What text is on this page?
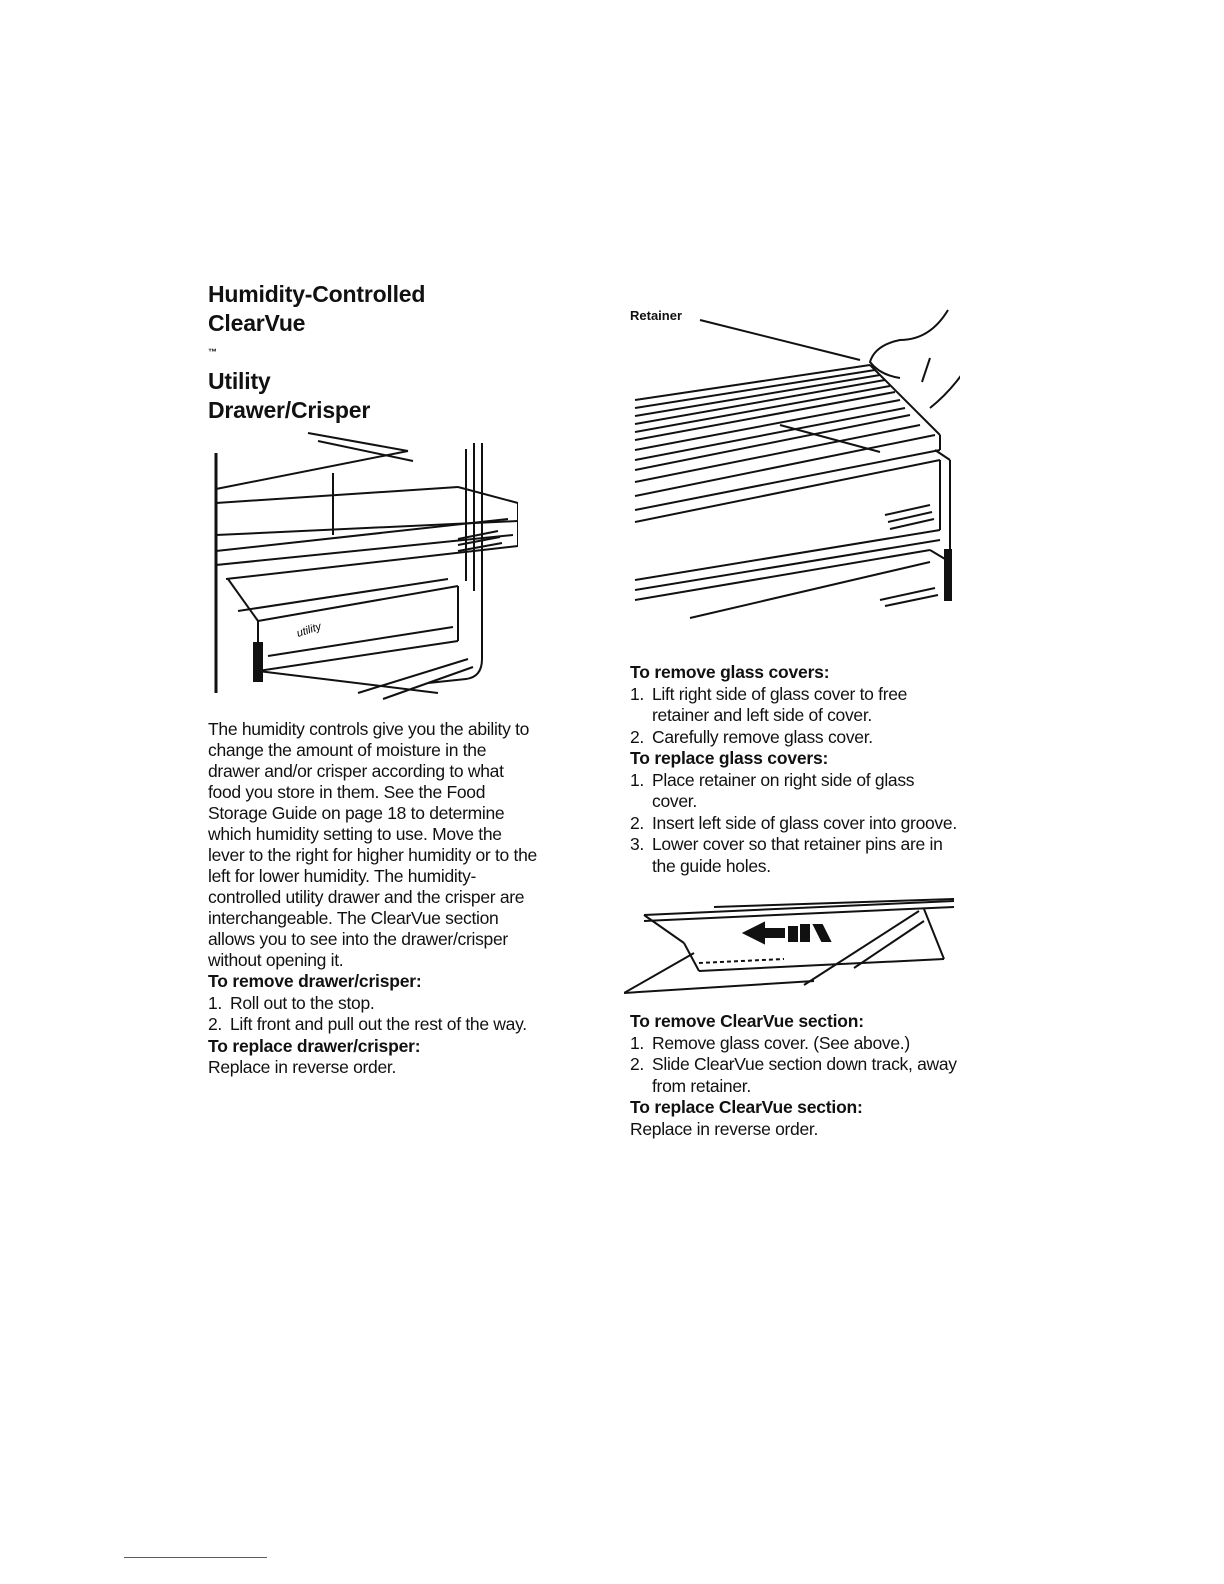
Humidity-Controlled
ClearVue
™
Utility
Drawer/Crisper
utility

The humidity controls give you the ability to change the amount of moisture in the drawer and/or crisper according to what food you store in them. See the Food Storage Guide on page 18 to determine which humidity setting to use. Move the lever to the right for higher humidity or to the left for lower humidity. The humidity-controlled utility drawer and the crisper are interchangeable. The ClearVue section allows you to see into the drawer/crisper without opening it.

To remove drawer/crisper:

1. Roll out to the stop.
2. Lift front and pull out the rest of the way.

To replace drawer/crisper:

Replace in reverse order.

Retainer

To remove glass covers:

1. Lift right side of glass cover to free retainer and left side of cover.
2. Carefully remove glass cover.

To replace glass covers:

1. Place retainer on right side of glass cover.
2. Insert left side of glass cover into groove.
3. Lower cover so that retainer pins are in the guide holes.

To remove ClearVue section:

1. Remove glass cover. (See above.)
2. Slide ClearVue section down track, away from retainer.

To replace ClearVue section:

Replace in reverse order.
